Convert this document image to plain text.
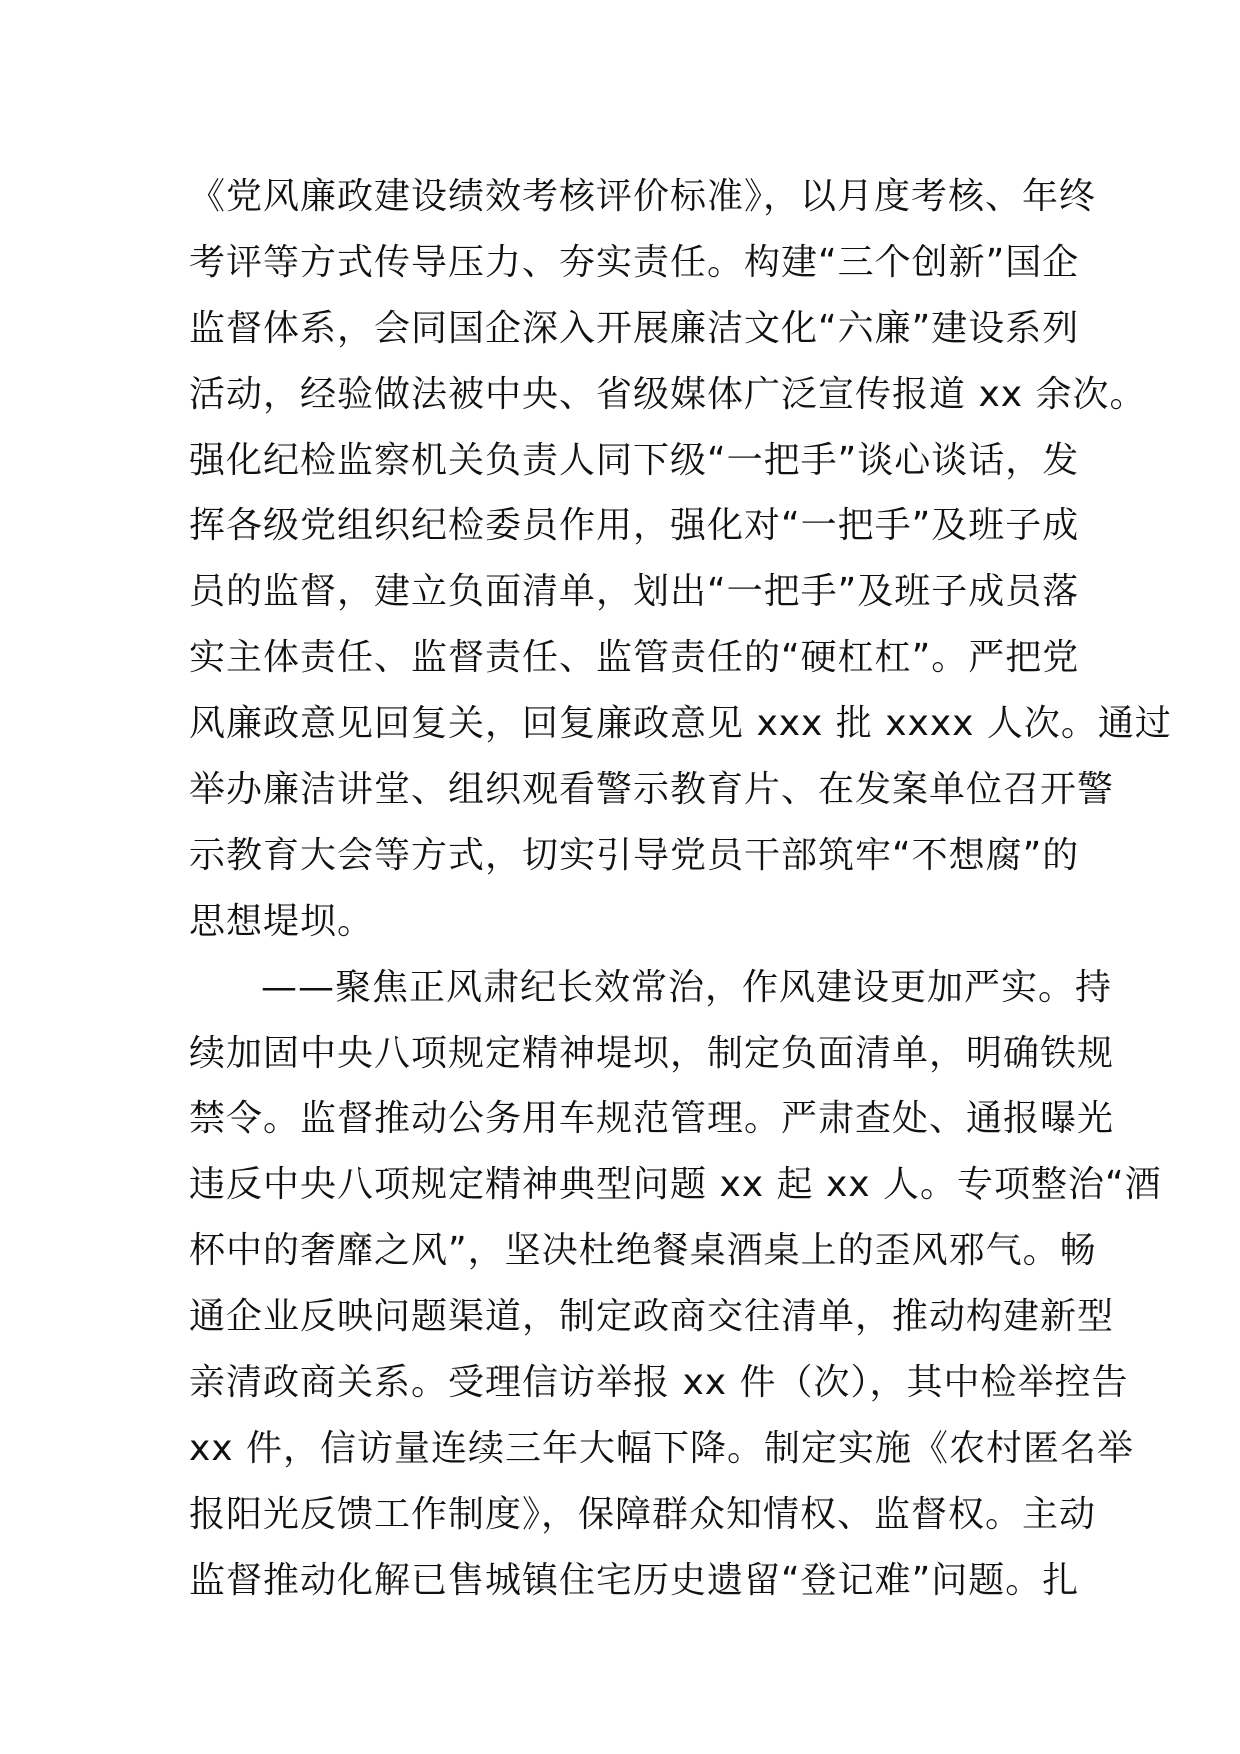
《党风廉政建设绩效考核评价标准》，以月度考核、年终
考评等方式传导压力、夯实责任。构建“三个创新”国企
监督体系，会同国企深入开展廉洁文化“六廉”建设系列
活动，经验做法被中央、省级媒体广泛宣传报道 xx 余次。
强化纪检监察机关负责人同下级“一把手”谈心谈话，发
挥各级党组织纪检委员作用，强化对“一把手”及班子成
员的监督，建立负面清单，划出“一把手”及班子成员落
实主体责任、监督责任、监管责任的“硬杠杠”。严把党
风廉政意见回复关，回复廉政意见 xxx 批 xxxx 人次。通过
举办廉洁讲堂、组织观看警示教育片、在发案单位召开警
示教育大会等方式，切实引导党员干部筑牢“不想腐”的
思想堤坝。
——聚焦正风肃纪长效常治，作风建设更加严实。持
续加固中央八项规定精神堤坝，制定负面清单，明确铁规
禁令。监督推动公务用车规范管理。严肃查处、通报曝光
违反中央八项规定精神典型问题 xx 起 xx 人。专项整治“酒
杯中的奢靡之风”，坚决杜绝餐桌酒桌上的歪风邪气。畅
通企业反映问题渠道，制定政商交往清单，推动构建新型
亲清政商关系。受理信访举报 xx 件（次），其中检举控告
xx 件，信访量连续三年大幅下降。制定实施《农村匿名举
报阳光反馈工作制度》，保障群众知情权、监督权。主动
监督推动化解已售城镇住宅历史遗留“登记难”问题。扎
